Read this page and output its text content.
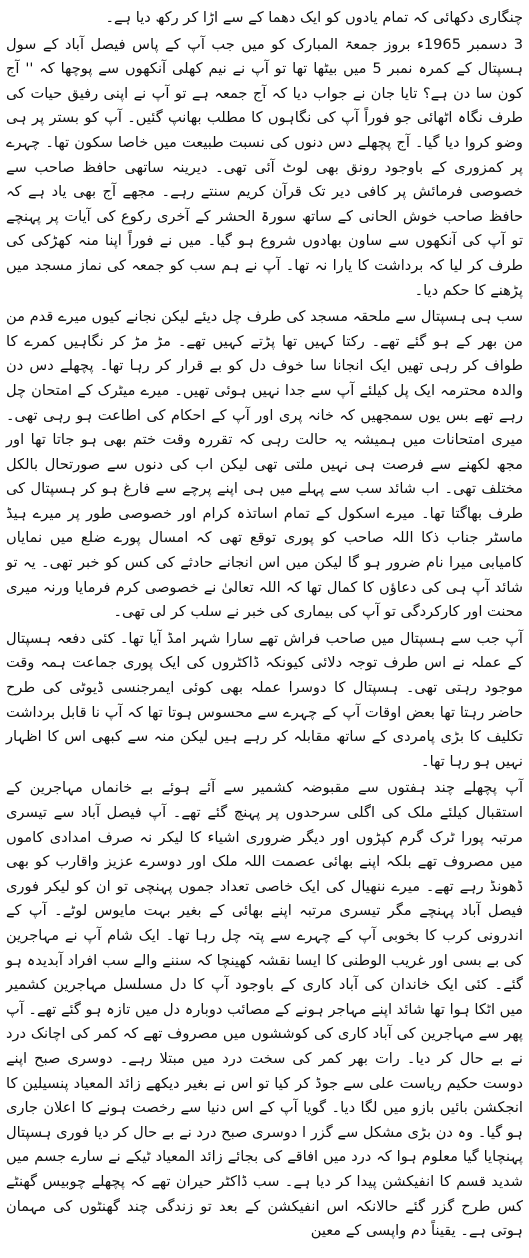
چنگاری دکھائی کہ تمام یادوں کو ایک دھما کے سے اڑا کر رکھ دیا ہے۔

3 دسمبر 1965ء بروز جمعۃ المبارک کو میں جب آپ کے پاس فیصل آباد کے سول ہسپتال کے کمرہ نمبر 5 میں بیٹھا تھا تو آپ نے نیم کھلی آنکھوں سے پوچھا کہ '' آج کون سا دن ہے؟ تایا جان نے جواب دیا کہ آج جمعہ ہے تو آپ نے اپنی رفیق حیات کی طرف نگاہ اٹھائی جو فوراً آپ کی نگاہوں کا مطلب بھانپ گئیں۔ آپ کو بستر پر ہی وضو کروا دیا گیا۔ آج پچھلے دس دنوں کی نسبت طبیعت میں خاصا سکون تھا۔ چہرے پر کمزوری کے باوجود رونق بھی لوٹ آئی تھی۔ دیرینہ ساتھی حافظ صاحب سے خصوصی فرمائش پر کافی دیر تک قرآن کریم سنتے رہے۔ مجھے آج بھی یاد ہے کہ حافظ صاحب خوش الحانی کے ساتھ سورۃ الحشر کے آخری رکوع کی آیات پر پہنچے تو آپ کی آنکھوں سے ساون بھادوں شروع ہو گیا۔ میں نے فوراً اپنا منہ کھڑکی کی طرف کر لیا کہ برداشت کا یارا نہ تھا۔ آپ نے ہم سب کو جمعہ کی نماز مسجد میں پڑھنے کا حکم دیا۔

سب ہی ہسپتال سے ملحقہ مسجد کی طرف چل دیئے لیکن نجانے کیوں میرے قدم من من بھر کے ہو گئے تھے۔ رکتا کہیں تھا پڑتے کہیں تھے۔ مڑ مڑ کر نگاہیں کمرے کا طواف کر رہی تھیں ایک انجانا سا خوف دل کو بے قرار کر رہا تھا۔ پچھلے دس دن والدہ محترمہ ایک پل کیلئے آپ سے جدا نہیں ہوئی تھیں۔ میرے میٹرک کے امتحان چل رہے تھے بس یوں سمجھیں کہ خانہ پری اور آپ کے احکام کی اطاعت ہو رہی تھی۔ میری امتحانات میں ہمیشہ یہ حالت رہی کہ تقررہ وقت ختم بھی ہو جاتا تھا اور مجھ لکھنے سے فرصت ہی نہیں ملتی تھی لیکن اب کی دنوں سے صورتحال بالکل مختلف تھی۔ اب شائد سب سے پہلے میں ہی اپنے پرچے سے فارغ ہو کر ہسپتال کی طرف بھاگتا تھا۔ میرے اسکول کے تمام اساتذہ کرام اور خصوصی طور پر میرے ہیڈ ماسٹر جناب ذکا اللہ صاحب کو پوری توقع تھی کہ امسال پورے ضلع میں نمایاں کامیابی میرا نام ضرور ہو گا لیکن میں اس انجانے حادثے کی کس کو خبر تھی۔ یہ تو شائد آپ ہی کی دعاؤں کا کمال تھا کہ اللہ تعالیٰ نے خصوصی کرم فرمایا ورنہ میری محنت اور کارکردگی تو آپ کی بیماری کی خبر نے سلب کر لی تھی۔

آپ جب سے ہسپتال میں صاحب فراش تھے سارا شہر امڈ آیا تھا۔ کئی دفعہ ہسپتال کے عملہ نے اس طرف توجہ دلائی کیونکہ ڈاکٹروں کی ایک پوری جماعت ہمہ وقت موجود رہتی تھی۔ ہسپتال کا دوسرا عملہ بھی کوئی ایمرجنسی ڈیوٹی کی طرح حاضر رہتا تھا بعض اوقات آپ کے چہرے سے محسوس ہوتا تھا کہ آپ نا قابل برداشت تکلیف کا بڑی پامردی کے ساتھ مقابلہ کر رہے ہیں لیکن منہ سے کبھی اس کا اظہار نہیں ہو رہا تھا۔

آپ پچھلے چند ہفتوں سے مقبوضہ کشمیر سے آئے ہوئے بے خانماں مہاجرین کے استقبال کیلئے ملک کی اگلی سرحدوں پر پہنچ گئے تھے۔ آپ فیصل آباد سے تیسری مرتبہ پورا ٹرک گرم کپڑوں اور دیگر ضروری اشیاء کا لیکر نہ صرف امدادی کاموں میں مصروف تھے بلکہ اپنے بھائی عصمت اللہ ملک اور دوسرے عزیز واقارب کو بھی ڈھونڈ رہے تھے۔ میرے ننھیال کی ایک خاصی تعداد جموں پہنچی تو ان کو لیکر فوری فیصل آباد پہنچے مگر تیسری مرتبہ اپنے بھائی کے بغیر بہت مایوس لوٹے۔ آپ کے اندرونی کرب کا بخوبی آپ کے چہرے سے پتہ چل رہا تھا۔ ایک شام آپ نے مہاجرین کی بے بسی اور غریب الوطنی کا ایسا نقشہ کھینچا کہ سننے والے سب افراد آبدیدہ ہو گئے۔ کئی ایک خاندان کی آباد کاری کے باوجود آپ کا دل مسلسل مہاجرین کشمیر میں اٹکا ہوا تھا شائد اپنے مہاجر ہونے کے مصائب دوبارہ دل میں تازہ ہو گئے تھے۔ آپ پھر سے مہاجرین کی آباد کاری کی کوششوں میں مصروف تھے کہ کمر کی اچانک درد نے بے حال کر دیا۔ رات بھر کمر کی سخت درد میں مبتلا رہے۔ دوسری صبح اپنے دوست حکیم ریاست علی سے جوڈ کر کیا تو اس نے بغیر دیکھے زائد المعیاد پنسیلین کا انجکشن بائیں بازو میں لگا دیا۔ گویا آپ کے اس دنیا سے رخصت ہونے کا اعلان جاری ہو گیا۔ وہ دن بڑی مشکل سے گزر ا دوسری صبح درد نے بے حال کر دیا فوری ہسپتال پہنچایا گیا معلوم ہوا کہ درد میں افاقے کی بجائے زائد المعیاد ٹیکے نے سارے جسم میں شدید قسم کا انفیکشن پیدا کر دیا ہے۔ سب ڈاکٹر حیران تھے کہ پچھلے چوبیس گھنٹے کس طرح گزر گئے حالانکہ اس انفیکشن کے بعد تو زندگی چند گھنٹوں کی مہمان ہوتی ہے۔ یقیناً دم واپسی کے معین
